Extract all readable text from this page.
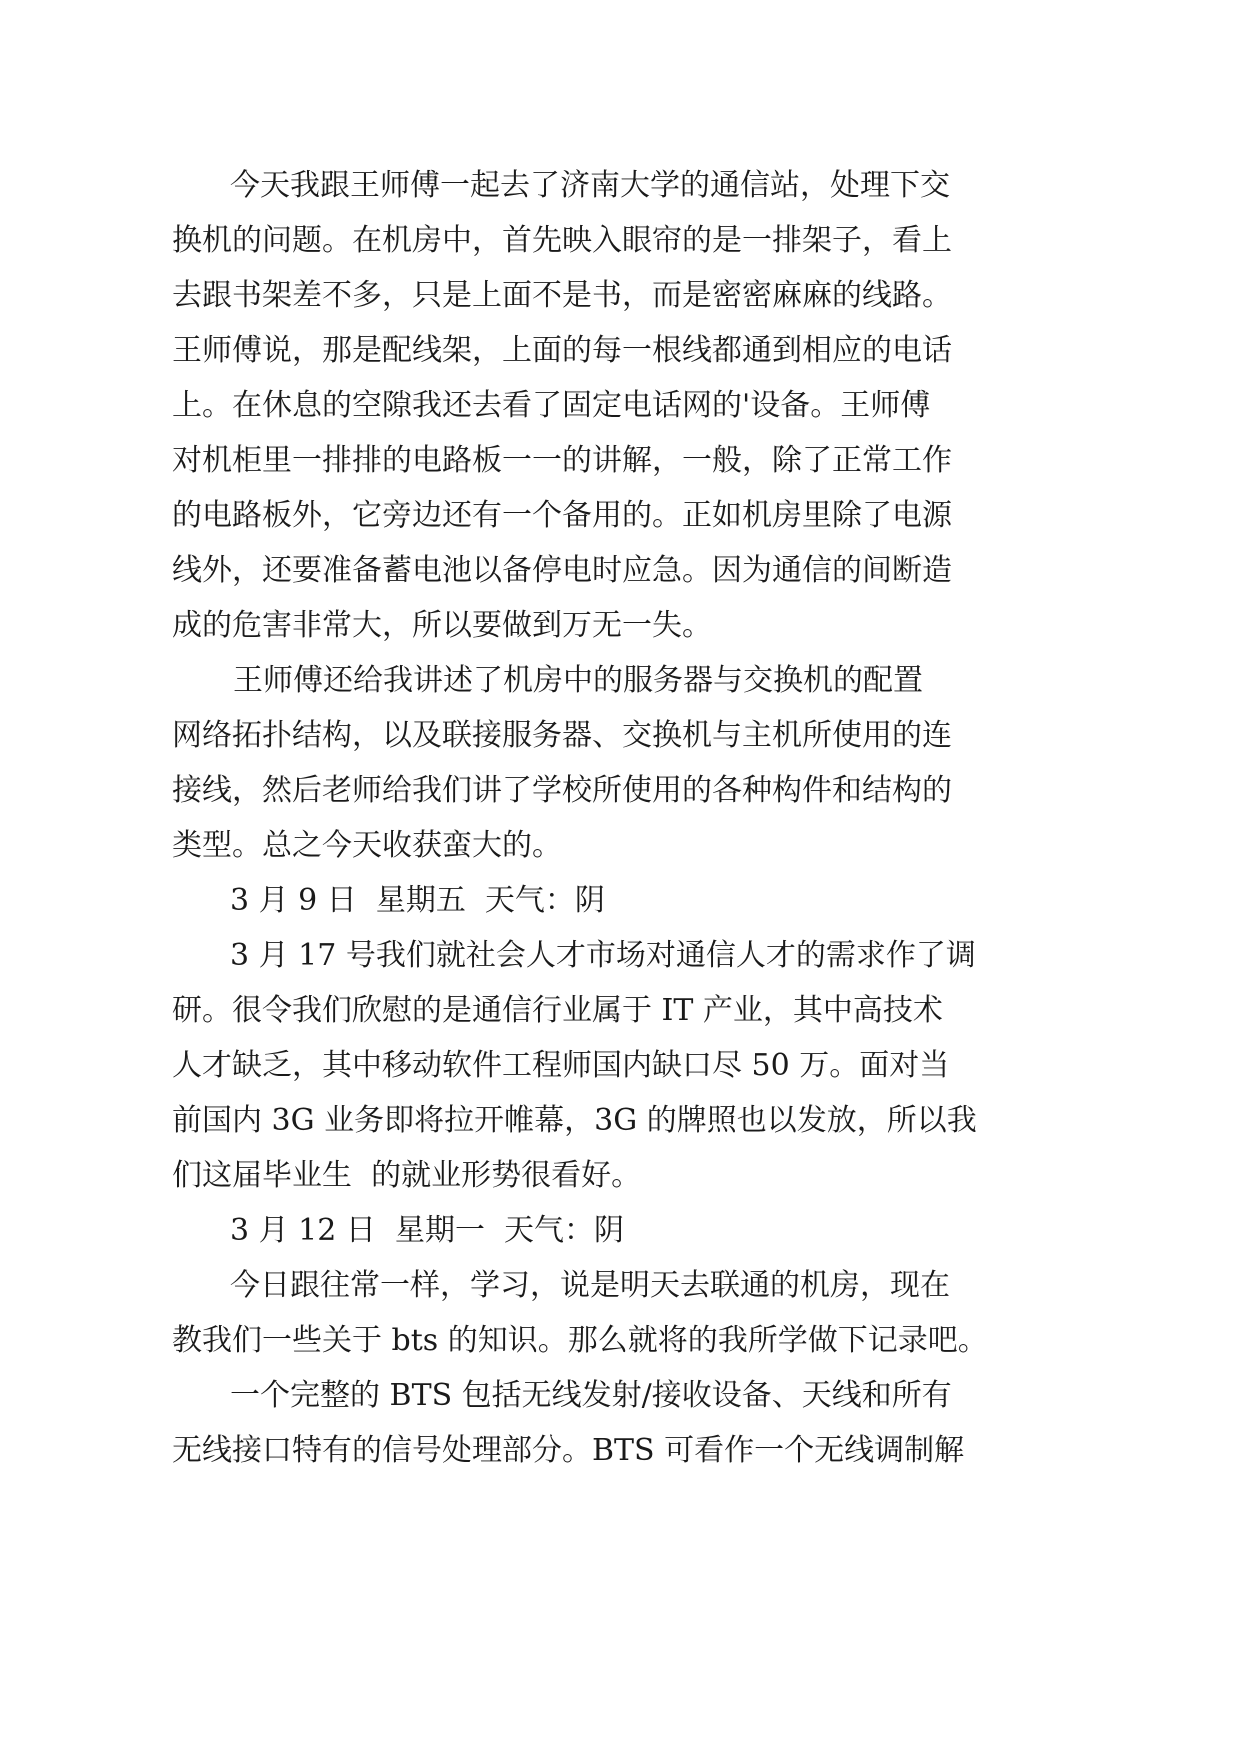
今天我跟王师傅一起去了济南大学的通信站，处理下交
换机的问题。在机房中，首先映入眼帘的是一排架子，看上
去跟书架差不多，只是上面不是书，而是密密麻麻的线路。
王师傅说，那是配线架，上面的每一根线都通到相应的电话
上。在休息的空隙我还去看了固定电话网的'设备。王师傅
对机柜里一排排的电路板一一的讲解，一般，除了正常工作
的电路板外，它旁边还有一个备用的。正如机房里除了电源
线外，还要准备蓄电池以备停电时应急。因为通信的间断造
成的危害非常大，所以要做到万无一失。
王师傅还给我讲述了机房中的服务器与交换机的配置
网络拓扑结构，以及联接服务器、交换机与主机所使用的连
接线，然后老师给我们讲了学校所使用的各种构件和结构的
类型。总之今天收获蛮大的。
3 月 9 日  星期五  天气：阴
3 月 17 号我们就社会人才市场对通信人才的需求作了调
研。很令我们欣慰的是通信行业属于 IT 产业，其中高技术
人才缺乏，其中移动软件工程师国内缺口尽 50 万。面对当
前国内 3G 业务即将拉开帷幕，3G 的牌照也以发放，所以我
们这届毕业生  的就业形势很看好。
3 月 12 日  星期一  天气：阴
今日跟往常一样，学习，说是明天去联通的机房，现在
教我们一些关于 bts 的知识。那么就将的我所学做下记录吧。
一个完整的 BTS 包括无线发射/接收设备、天线和所有
无线接口特有的信号处理部分。BTS 可看作一个无线调制解
